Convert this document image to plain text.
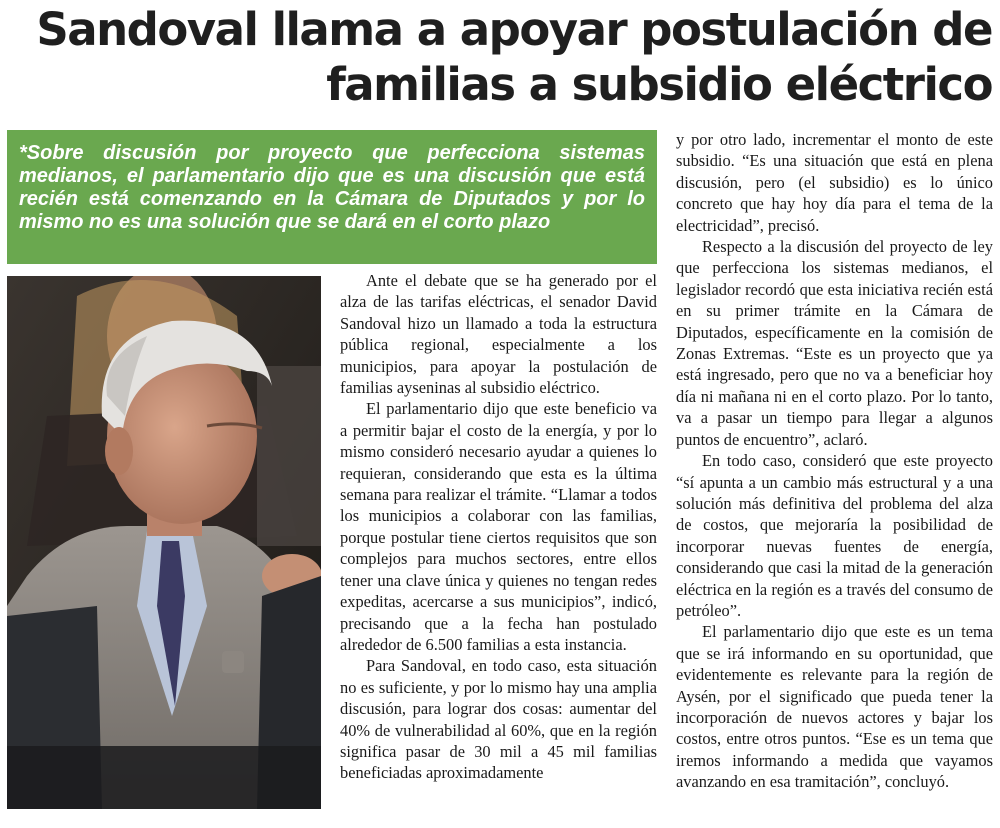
Sandoval llama a apoyar postulación de
familias a subsidio eléctrico
*Sobre discusión por proyecto que perfecciona sistemas medianos, el parlamentario dijo que es una discusión que está recién está comenzando en la Cámara de Diputados y por lo mismo no es una solución que se dará en el corto plazo

Ante el debate que se ha generado por el alza de las tarifas eléctricas, el senador David Sandoval hizo un llamado a toda la estructura pública regional, especialmente a los municipios, para apoyar la postulación de familias ayseninas al subsidio eléctrico.

El parlamentario dijo que este beneficio va a permitir bajar el costo de la energía, y por lo mismo consideró necesario ayudar a quienes lo requieran, considerando que esta es la última semana para realizar el trámite. “Llamar a todos los municipios a colaborar con las familias, porque postular tiene ciertos requisitos que son complejos para muchos sectores, entre ellos tener una clave única y quienes no tengan redes expeditas, acercarse a sus municipios”, indicó, precisando que a la fecha han postulado alrededor de 6.500 familias a esta instancia.

Para Sandoval, en todo caso, esta situación no es suficiente, y por lo mismo hay una amplia discusión, para lograr dos cosas: aumentar del 40% de vulnerabilidad al 60%, que en la región significa pasar de 30 mil a 45 mil familias beneficiadas aproximadamente

y por otro lado, incrementar el monto de este subsidio. “Es una situación que está en plena discusión, pero (el subsidio) es lo único concreto que hay hoy día para el tema de la electricidad”, precisó.

Respecto a la discusión del proyecto de ley que perfecciona los sistemas medianos, el legislador recordó que esta iniciativa recién está en su primer trámite en la Cámara de Diputados, específicamente en la comisión de Zonas Extremas. “Este es un proyecto que ya está ingresado, pero que no va a beneficiar hoy día ni mañana ni en el corto plazo. Por lo tanto, va a pasar un tiempo para llegar a algunos puntos de encuentro”, aclaró.

En todo caso, consideró que este proyecto “sí apunta a un cambio más estructural y a una solución más definitiva del problema del alza de costos, que mejoraría la posibilidad de incorporar nuevas fuentes de energía, considerando que casi la mitad de la generación eléctrica en la región es a través del consumo de petróleo”.

El parlamentario dijo que este es un tema que se irá informando en su oportunidad, que evidentemente es relevante para la región de Aysén, por el significado que pueda tener la incorporación de nuevos actores y bajar los costos, entre otros puntos. “Ese es un tema que iremos informando a medida que vayamos avanzando en esa tramitación”, concluyó.
